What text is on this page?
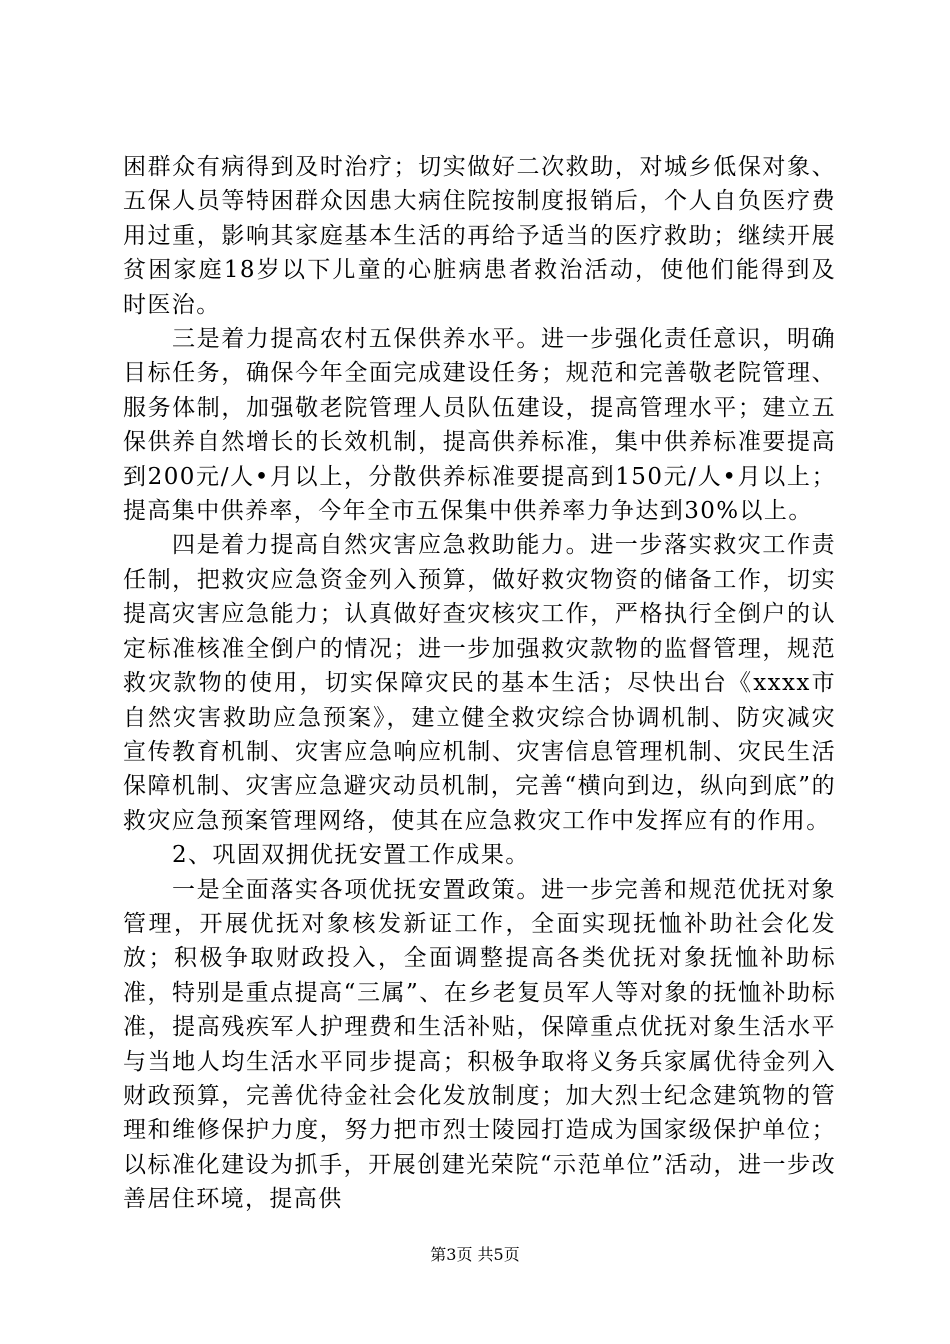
困群众有病得到及时治疗；切实做好二次救助，对城乡低保对象、五保人员等特困群众因患大病住院按制度报销后，个人自负医疗费用过重，影响其家庭基本生活的再给予适当的医疗救助；继续开展贫困家庭18岁以下儿童的心脏病患者救治活动，使他们能得到及时医治。

三是着力提高农村五保供养水平。进一步强化责任意识，明确目标任务，确保今年全面完成建设任务；规范和完善敬老院管理、服务体制，加强敬老院管理人员队伍建设，提高管理水平；建立五保供养自然增长的长效机制，提高供养标准，集中供养标准要提高到200元/人•月以上，分散供养标准要提高到150元/人•月以上；提高集中供养率，今年全市五保集中供养率力争达到30%以上。

四是着力提高自然灾害应急救助能力。进一步落实救灾工作责任制，把救灾应急资金列入预算，做好救灾物资的储备工作，切实提高灾害应急能力；认真做好查灾核灾工作，严格执行全倒户的认定标准核准全倒户的情况；进一步加强救灾款物的监督管理，规范救灾款物的使用，切实保障灾民的基本生活；尽快出台《xxxx市自然灾害救助应急预案》，建立健全救灾综合协调机制、防灾减灾宣传教育机制、灾害应急响应机制、灾害信息管理机制、灾民生活保障机制、灾害应急避灾动员机制，完善“横向到边，纵向到底”的救灾应急预案管理网络，使其在应急救灾工作中发挥应有的作用。

2、巩固双拥优抚安置工作成果。

一是全面落实各项优抚安置政策。进一步完善和规范优抚对象管理，开展优抚对象核发新证工作，全面实现抚恤补助社会化发放；积极争取财政投入，全面调整提高各类优抚对象抚恤补助标准，特别是重点提高“三属”、在乡老复员军人等对象的抚恤补助标准，提高残疾军人护理费和生活补贴，保障重点优抚对象生活水平与当地人均生活水平同步提高；积极争取将义务兵家属优待金列入财政预算，完善优待金社会化发放制度；加大烈士纪念建筑物的管理和维修保护力度，努力把市烈士陵园打造成为国家级保护单位；以标准化建设为抓手，开展创建光荣院“示范单位”活动，进一步改善居住环境，提高供

第3页 共5页
